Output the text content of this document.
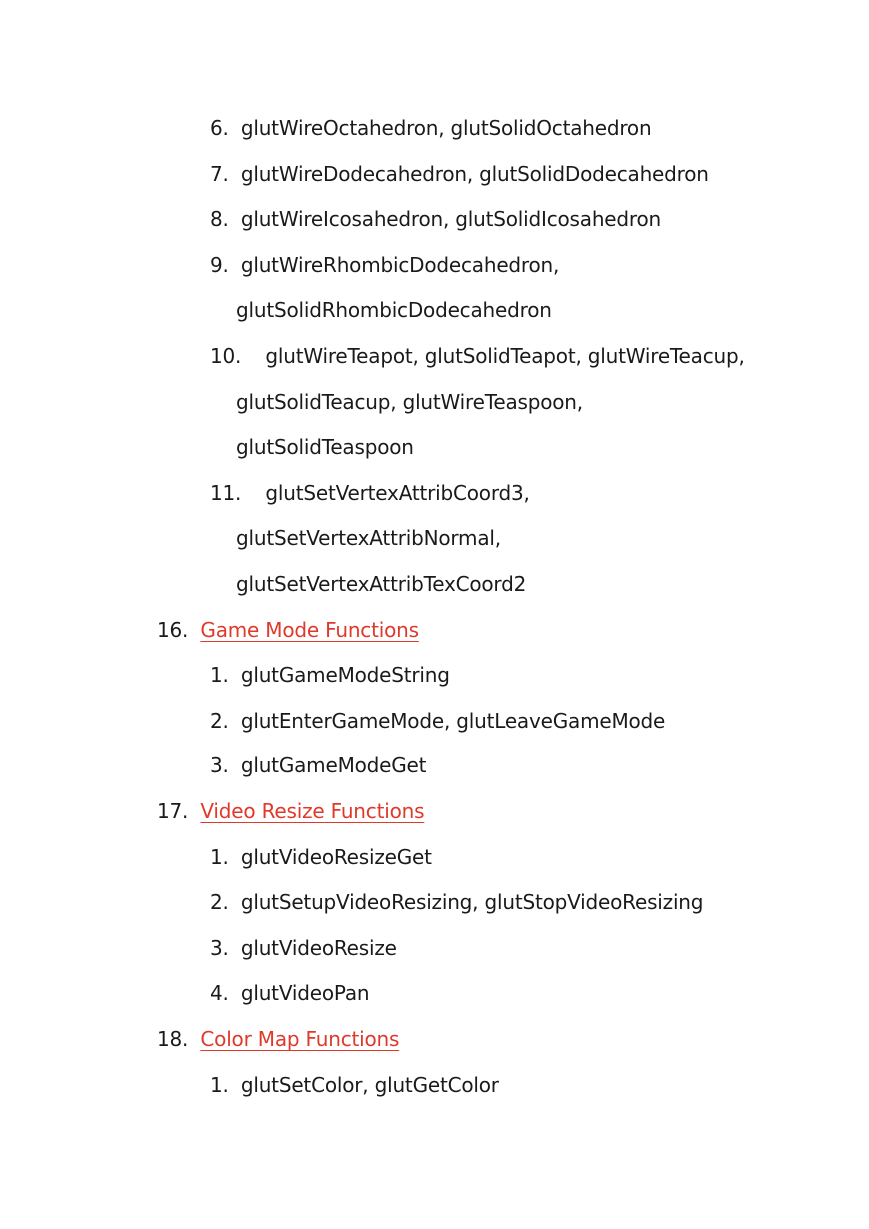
6. glutWireOctahedron, glutSolidOctahedron
7. glutWireDodecahedron, glutSolidDodecahedron
8. glutWireIcosahedron, glutSolidIcosahedron
9. glutWireRhombicDodecahedron,
glutSolidRhombicDodecahedron
10. glutWireTeapot, glutSolidTeapot, glutWireTeacup,
glutSolidTeacup, glutWireTeaspoon,
glutSolidTeaspoon
11. glutSetVertexAttribCoord3,
glutSetVertexAttribNormal,
glutSetVertexAttribTexCoord2
16. Game Mode Functions
1. glutGameModeString
2. glutEnterGameMode, glutLeaveGameMode
3. glutGameModeGet
17. Video Resize Functions
1. glutVideoResizeGet
2. glutSetupVideoResizing, glutStopVideoResizing
3. glutVideoResize
4. glutVideoPan
18. Color Map Functions
1. glutSetColor, glutGetColor
